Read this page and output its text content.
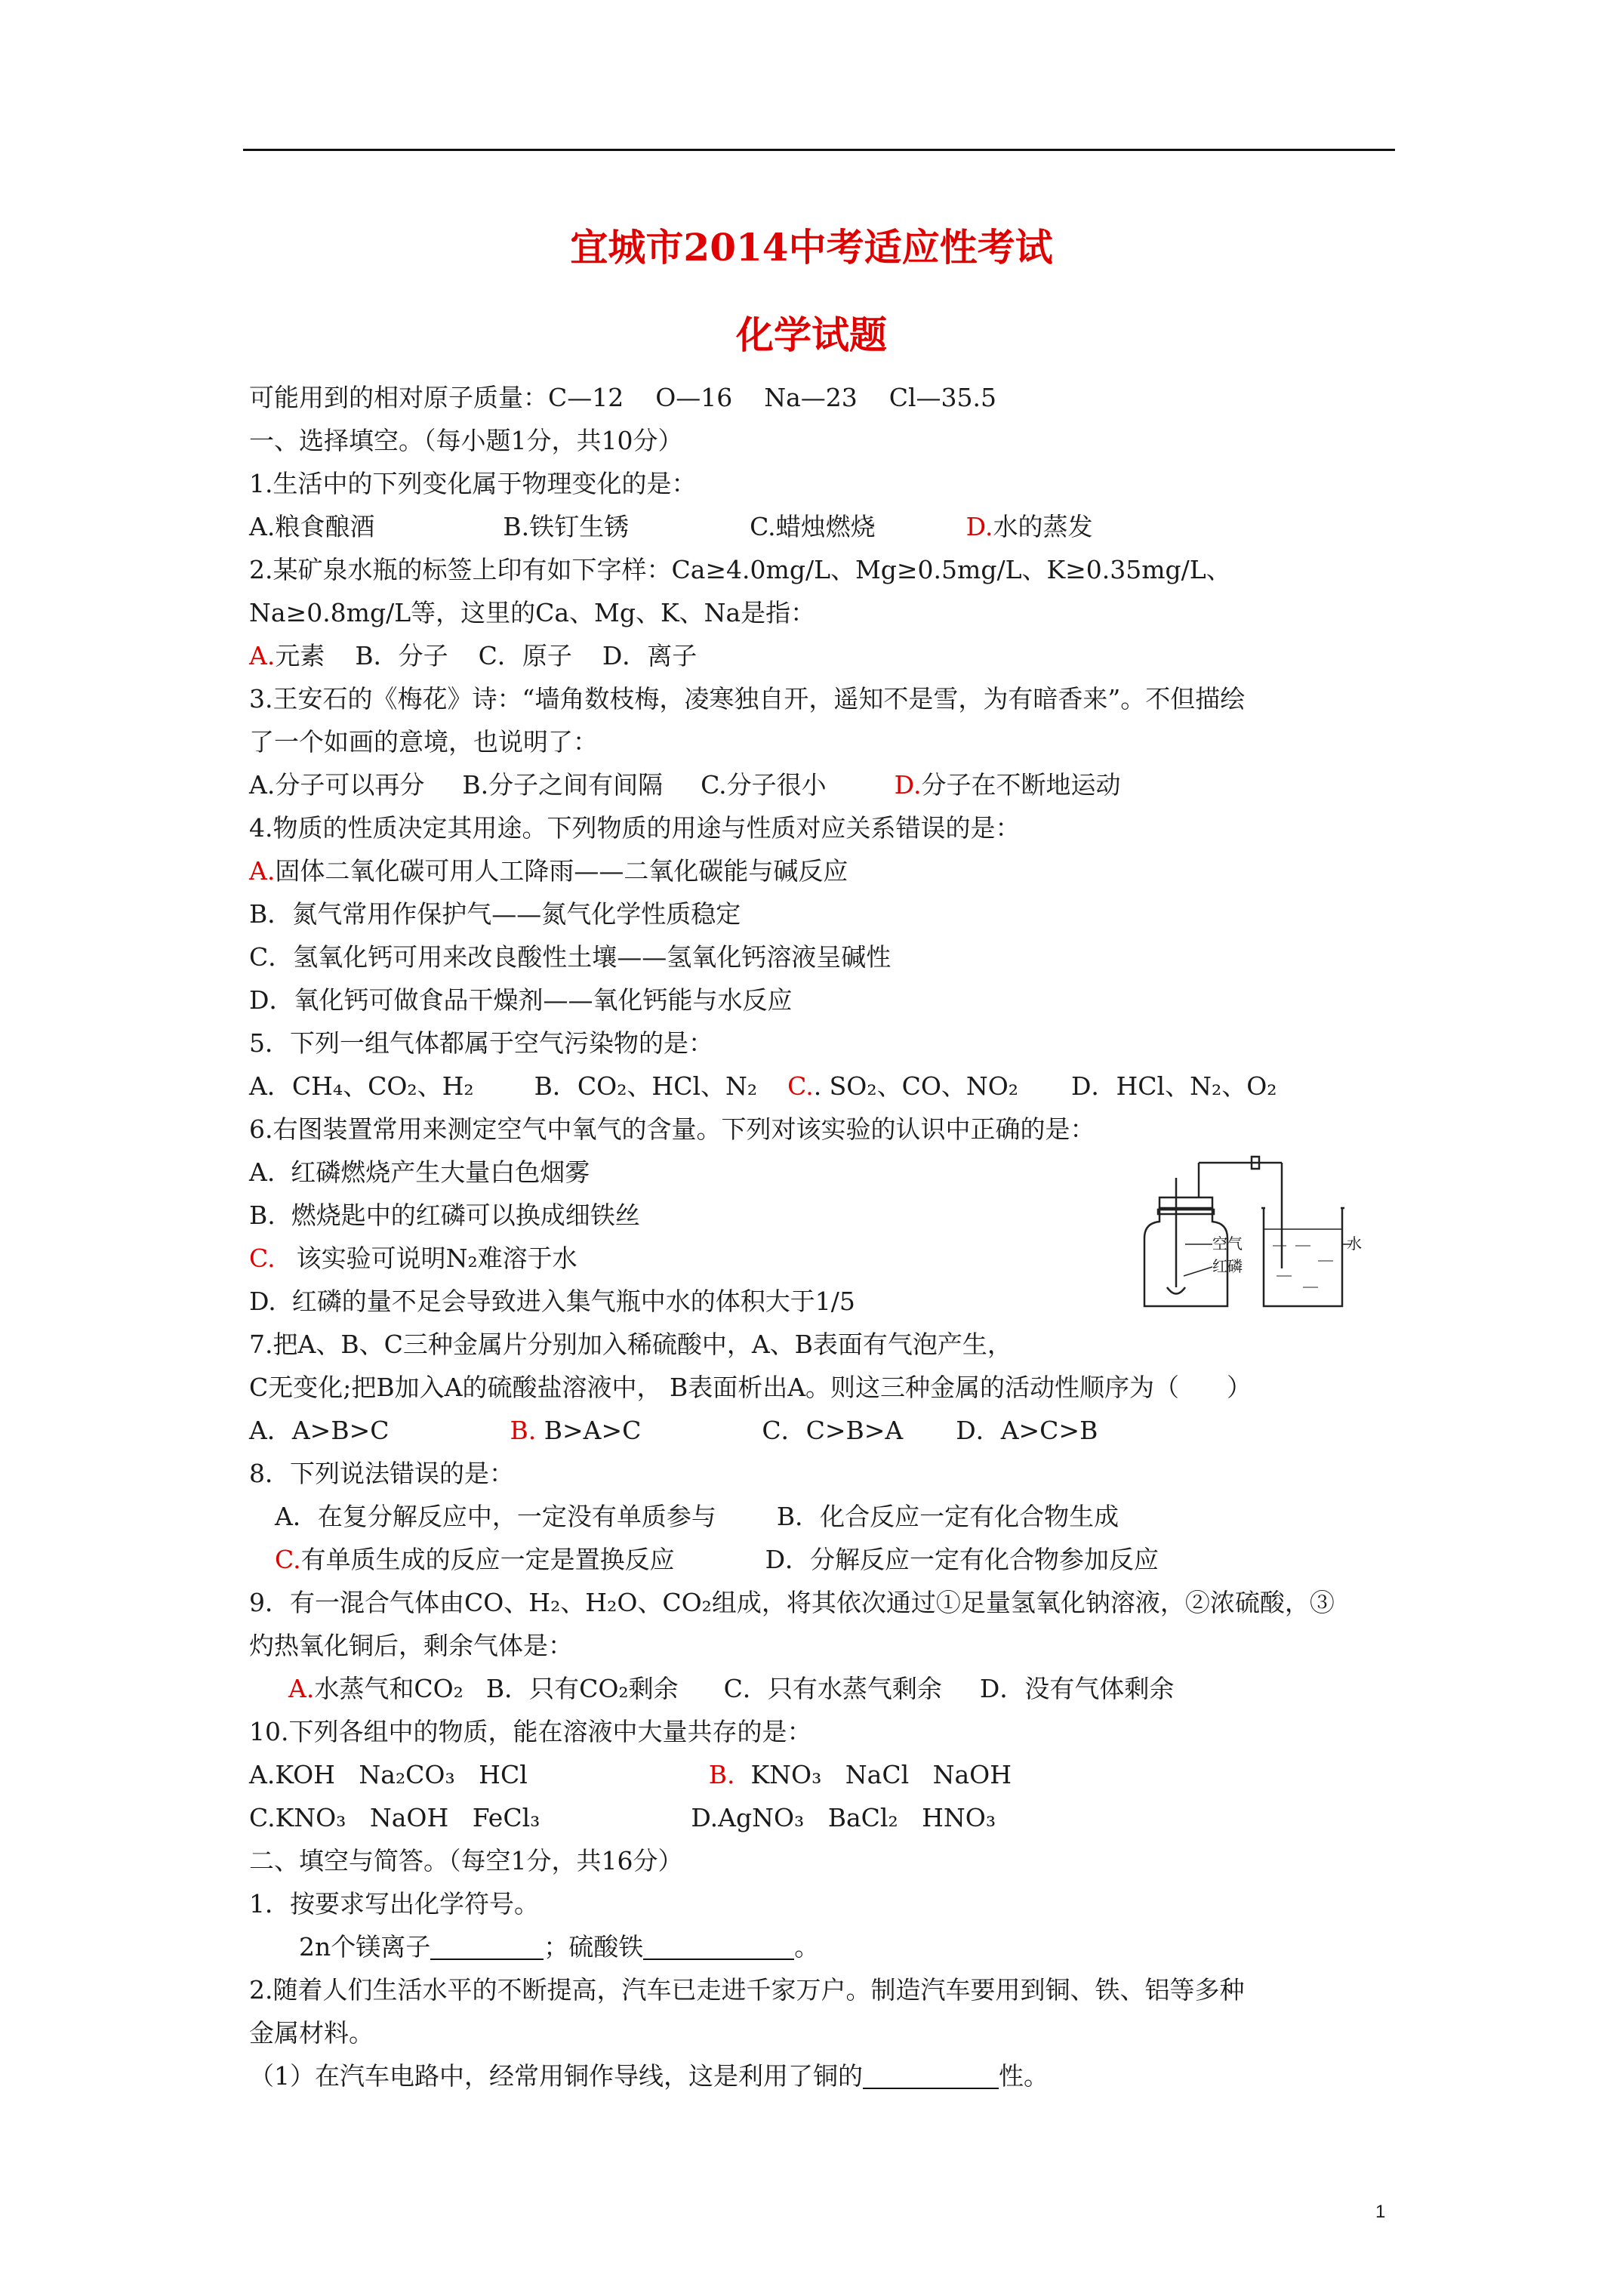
宜城市2014中考适应性考试
化学试题
可能用到的相对原子质量：C—12    O—16    Na—23    Cl—35.5
一、选择填空。（每小题1分，共10分）
1.生活中的下列变化属于物理变化的是：
A.粮食酿酒	B.铁钉生锈	C.蜡烛燃烧	D.水的蒸发
2.某矿泉水瓶的标签上印有如下字样：Ca≥4.0mg/L、Mg≥0.5mg/L、K≥0.35mg/L、
Na≥0.8mg/L等，这里的Ca、Mg、K、Na是指：
A.元素 B．分子 C．原子 D．离子
3.王安石的《梅花》诗：“墙角数枝梅，凌寒独自开，遥知不是雪，为有暗香来”。不但描绘
了一个如画的意境，也说明了：
A.分子可以再分 B.分子之间有间隔 C.分子很小	D.分子在不断地运动
4.物质的性质决定其用途。下列物质的用途与性质对应关系错误的是：
A.固体二氧化碳可用人工降雨——二氧化碳能与碱反应
B．氮气常用作保护气——氮气化学性质稳定
C．氢氧化钙可用来改良酸性土壤——氢氧化钙溶液呈碱性
D．氧化钙可做食品干燥剂——氧化钙能与水反应
5．下列一组气体都属于空气污染物的是：
A．CH₄、CO₂、H₂ B．CO₂、HCl、N₂ C.. SO₂、CO、NO₂ D．HCl、N₂、O₂
6.右图装置常用来测定空气中氧气的含量。下列对该实验的认识中正确的是：
A.  红磷燃烧产生大量白色烟雾
B.  燃烧匙中的红磷可以换成细铁丝
C. 该实验可说明N₂难溶于水
D.  红磷的量不足会导致进入集气瓶中水的体积大于1/5
7.把A、B、C三种金属片分别加入稀硫酸中，A、B表面有气泡产生，
C无变化;把B加入A的硫酸盐溶液中， B表面析出A。则这三种金属的活动性顺序为（      ）
A．A>B>C	B. B>A>C	C．C>B>A D．A>C>B
8．下列说法错误的是：
A．在复分解反应中，一定没有单质参与 B．化合反应一定有化合物生成
C.有单质生成的反应一定是置换反应	D．分解反应一定有化合物参加反应
9．有一混合气体由CO、H₂、H₂O、CO₂组成，将其依次通过①足量氢氧化钠溶液，②浓硫酸，③
灼热氧化铜后，剩余气体是：
A.水蒸气和CO₂ B．只有CO₂剩余 C．只有水蒸气剩余 D．没有气体剩余
10.下列各组中的物质，能在溶液中大量共存的是：
A.KOH   Na₂CO₃   HCl	B.  KNO₃   NaCl   NaOH
C.KNO₃   NaOH   FeCl₃	D.AgNO₃   BaCl₂   HNO₃
二、填空与简答。（每空1分，共16分）
1．按要求写出化学符号。
2n个镁离子	；硫酸铁	。
2.随着人们生活水平的不断提高，汽车已走进千家万户。制造汽车要用到铜、铁、铝等多种
金属材料。
（1）在汽车电路中，经常用铜作导线，这是利用了铜的	性。
空气
红磷
水
1
